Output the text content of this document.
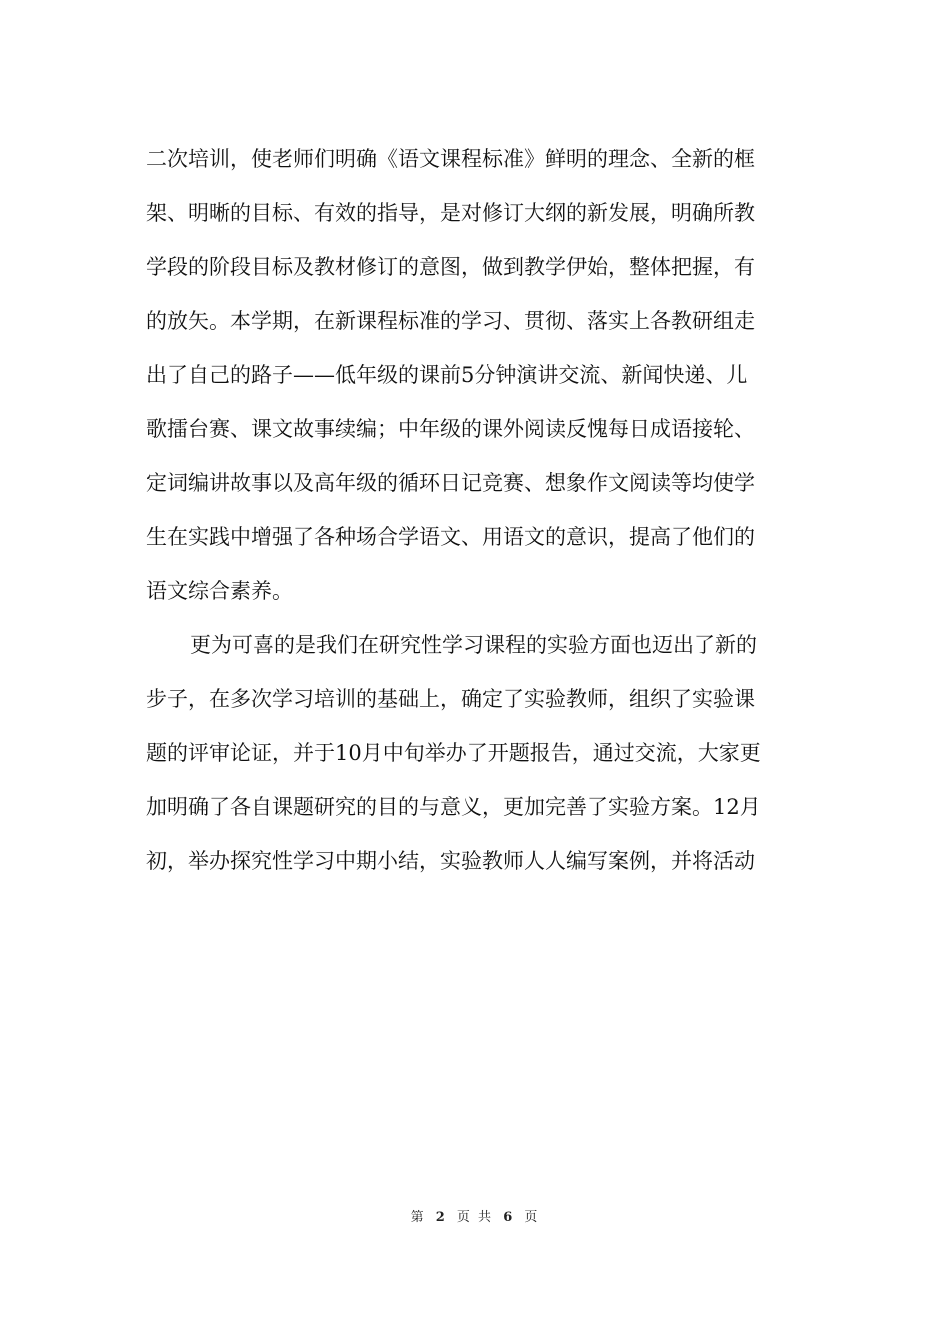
二次培训，使老师们明确《语文课程标准》鲜明的理念、全新的框
架、明晰的目标、有效的指导，是对修订大纲的新发展，明确所教
学段的阶段目标及教材修订的意图，做到教学伊始，整体把握，有
的放矢。本学期，在新课程标准的学习、贯彻、落实上各教研组走
出了自己的路子——低年级的课前5分钟演讲交流、新闻快递、儿
歌擂台赛、课文故事续编；中年级的课外阅读反愧每日成语接轮、
定词编讲故事以及高年级的循环日记竞赛、想象作文阅读等均使学
生在实践中增强了各种场合学语文、用语文的意识，提高了他们的
语文综合素养。
更为可喜的是我们在研究性学习课程的实验方面也迈出了新的
步子，在多次学习培训的基础上，确定了实验教师，组织了实验课
题的评审论证，并于10月中旬举办了开题报告，通过交流，大家更
加明确了各自课题研究的目的与意义，更加完善了实验方案。12月
初，举办探究性学习中期小结，实验教师人人编写案例，并将活动
第 2 页 共 6 页
